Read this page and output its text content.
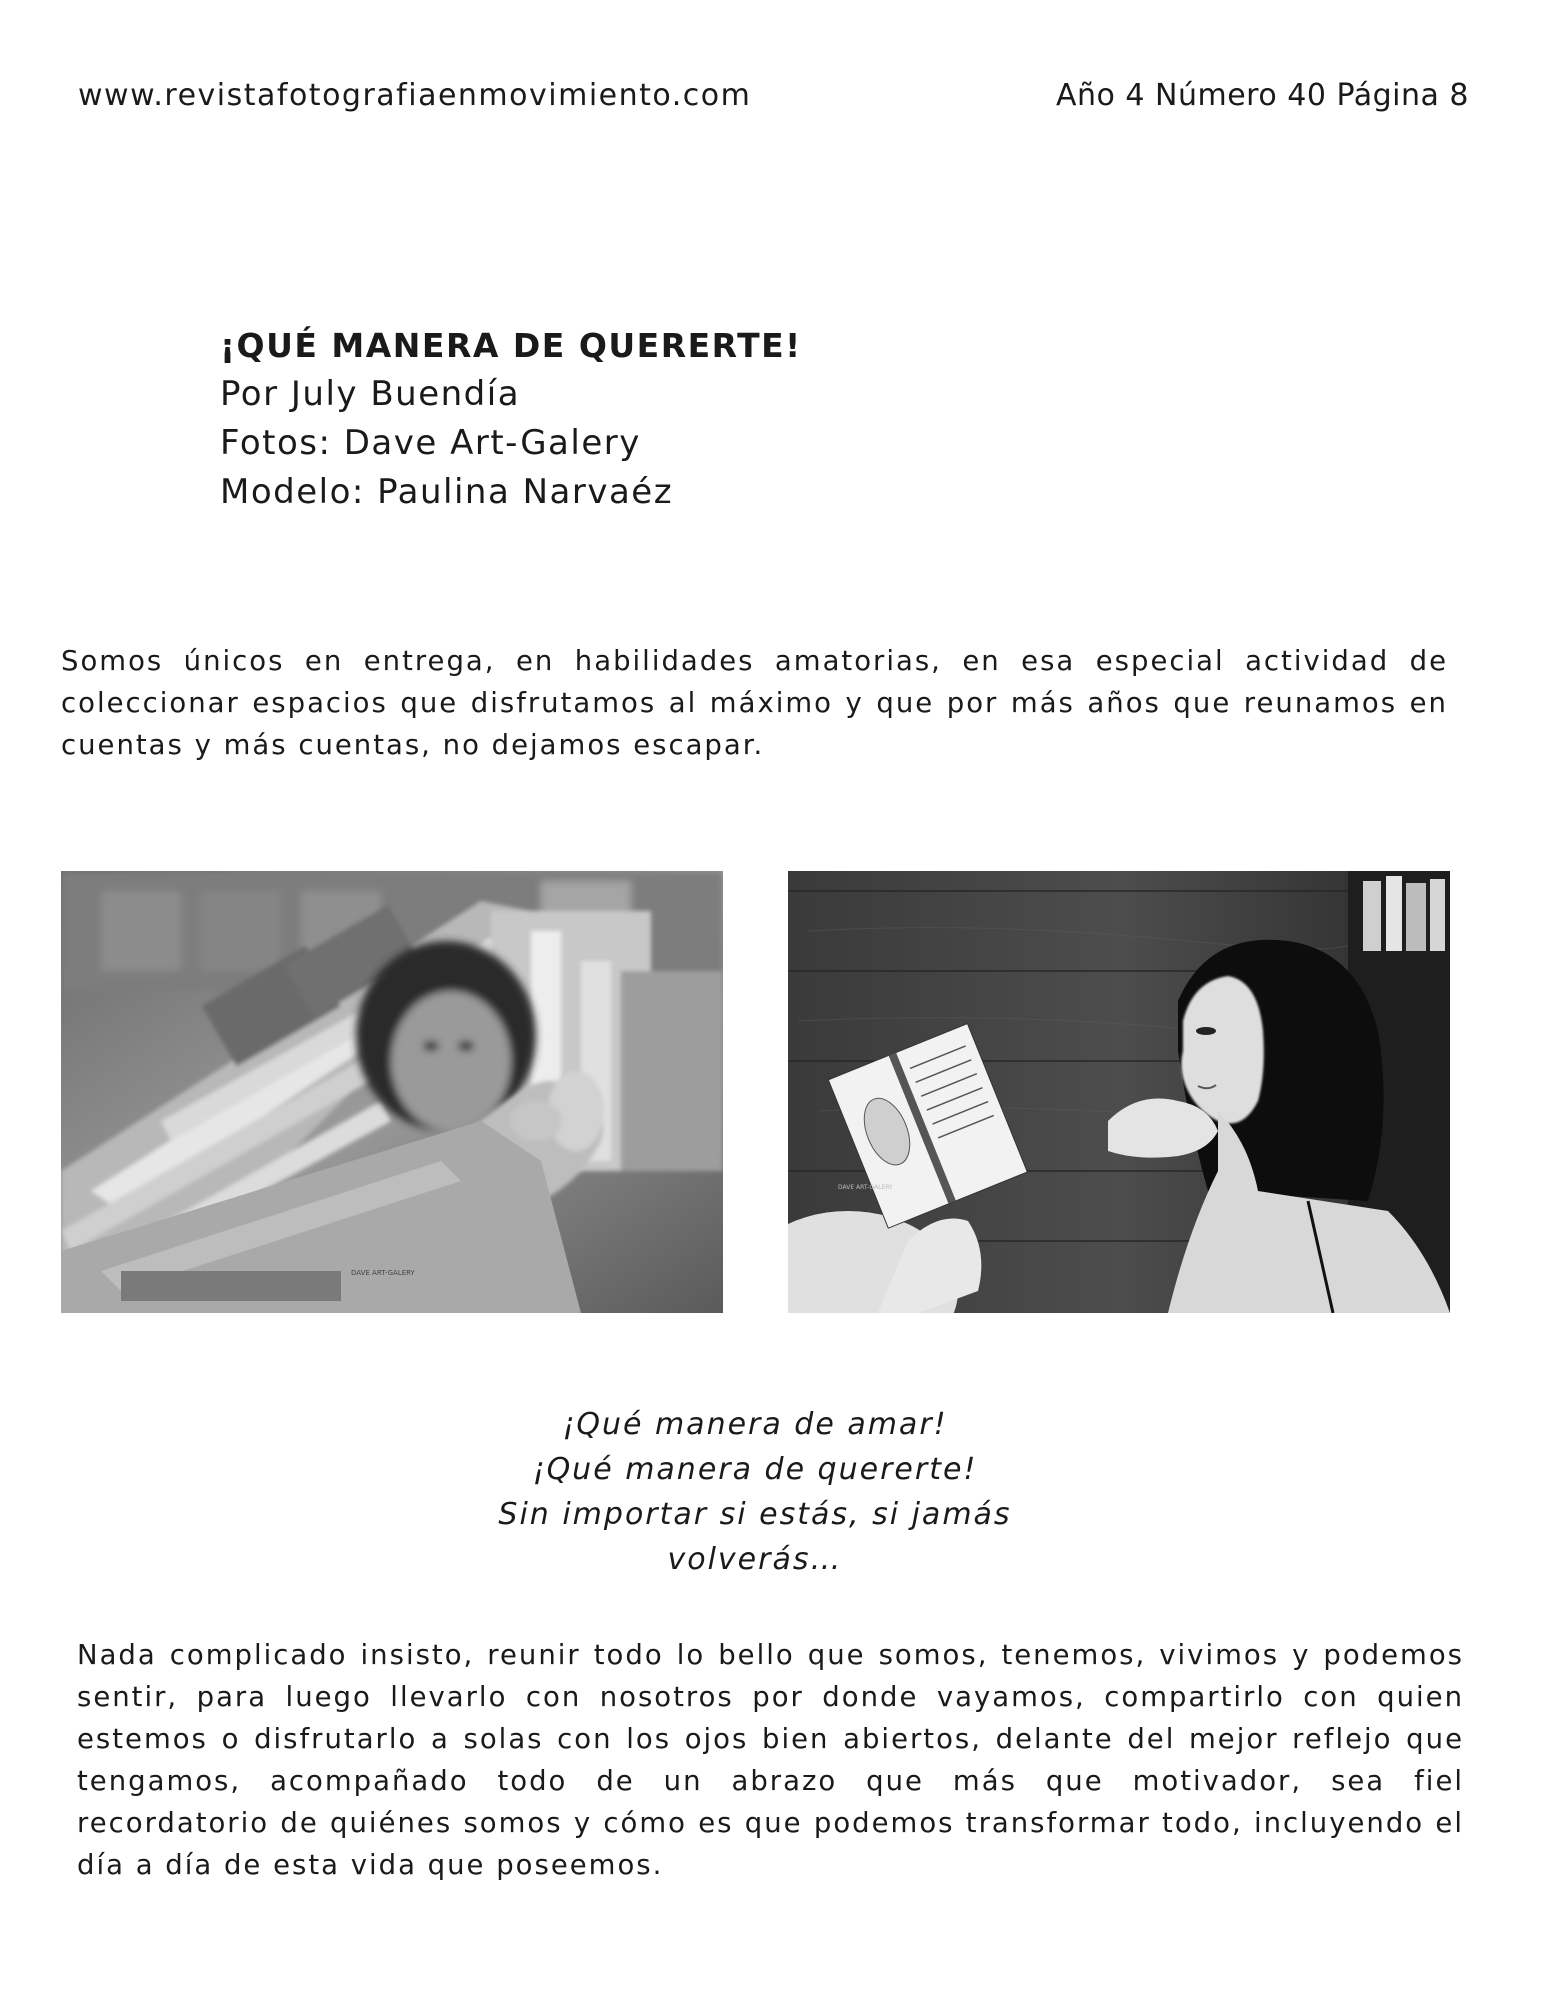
www.revistafotografiaenmovimiento.com	Año 4 Número 40 Página 8
¡QUÉ MANERA DE QUERERTE!
Por July Buendía
Fotos: Dave Art-Galery
Modelo: Paulina Narvaéz

Somos únicos en entrega, en habilidades amatorias, en esa especial actividad de coleccionar espacios que disfrutamos al máximo y que por más años que reunamos en cuentas y más cuentas, no dejamos escapar.

DAVE ART-GALERY
DAVE ART-GALERY
¡Qué manera de amar!
¡Qué manera de quererte!
Sin importar si estás, si jamás
volverás…

Nada complicado insisto, reunir todo lo bello que somos, tenemos, vivimos y podemos sentir, para luego llevarlo con nosotros por donde vayamos, compartirlo con quien estemos o disfrutarlo a solas con los ojos bien abiertos, delante del mejor reflejo que tengamos, acompañado todo de un abrazo que más que motivador, sea fiel recordatorio de quiénes somos y cómo es que podemos transformar todo, incluyendo el día a día de esta vida que poseemos.
